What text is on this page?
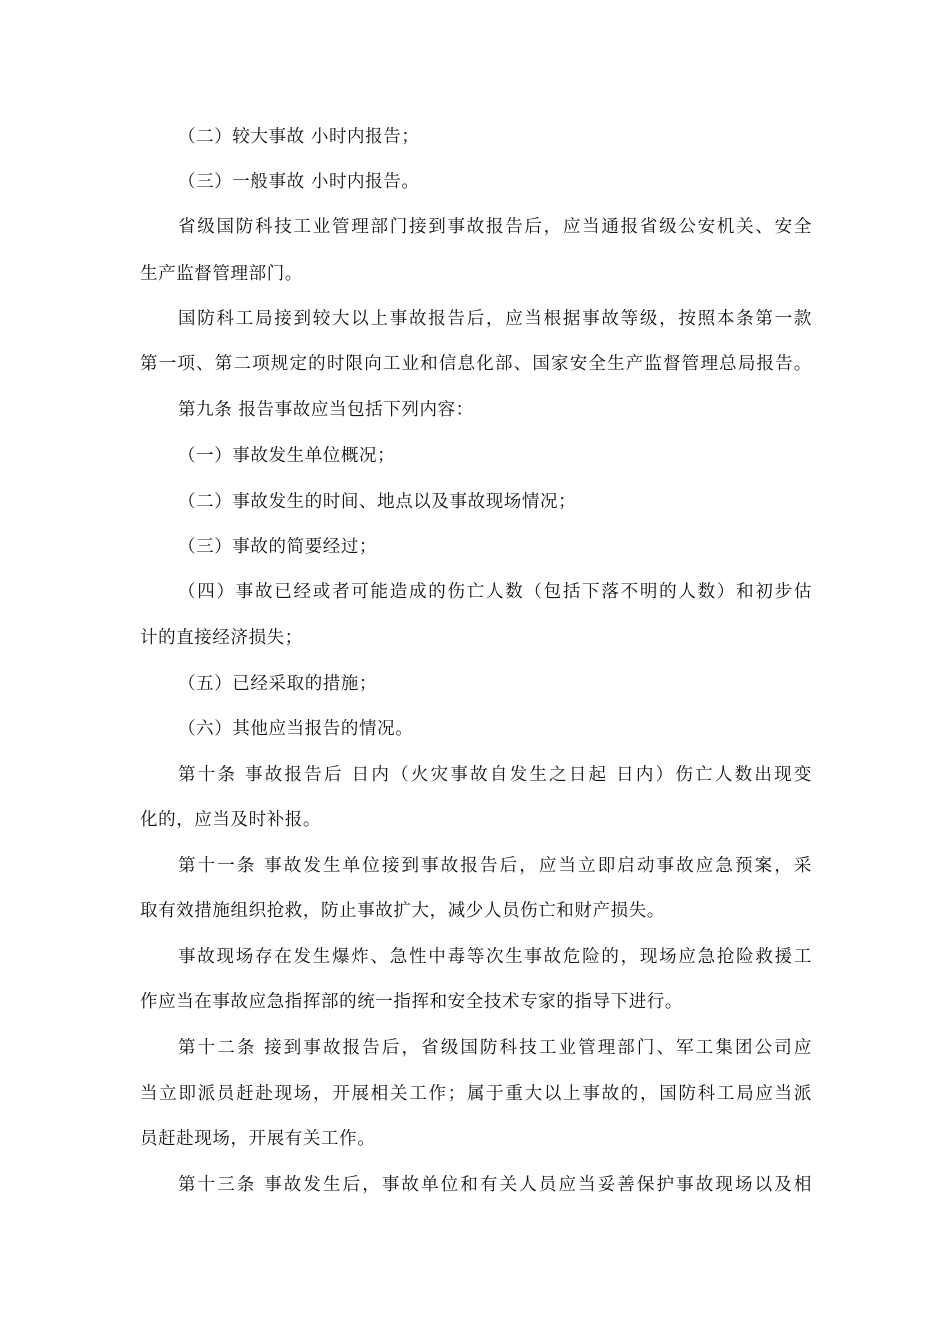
（二）较大事故 小时内报告；
（三）一般事故 小时内报告。
省级国防科技工业管理部门接到事故报告后，应当通报省级公安机关、安全
生产监督管理部门。
国防科工局接到较大以上事故报告后，应当根据事故等级，按照本条第一款
第一项、第二项规定的时限向工业和信息化部、国家安全生产监督管理总局报告。
第九条 报告事故应当包括下列内容：
（一）事故发生单位概况；
（二）事故发生的时间、地点以及事故现场情况；
（三）事故的简要经过；
（四）事故已经或者可能造成的伤亡人数（包括下落不明的人数）和初步估
计的直接经济损失；
（五）已经采取的措施；
（六）其他应当报告的情况。
第十条 事故报告后 日内（火灾事故自发生之日起 日内）伤亡人数出现变
化的，应当及时补报。
第十一条 事故发生单位接到事故报告后，应当立即启动事故应急预案，采
取有效措施组织抢救，防止事故扩大，减少人员伤亡和财产损失。
事故现场存在发生爆炸、急性中毒等次生事故危险的，现场应急抢险救援工
作应当在事故应急指挥部的统一指挥和安全技术专家的指导下进行。
第十二条 接到事故报告后，省级国防科技工业管理部门、军工集团公司应
当立即派员赶赴现场，开展相关工作；属于重大以上事故的，国防科工局应当派
员赶赴现场，开展有关工作。
第十三条 事故发生后，事故单位和有关人员应当妥善保护事故现场以及相
